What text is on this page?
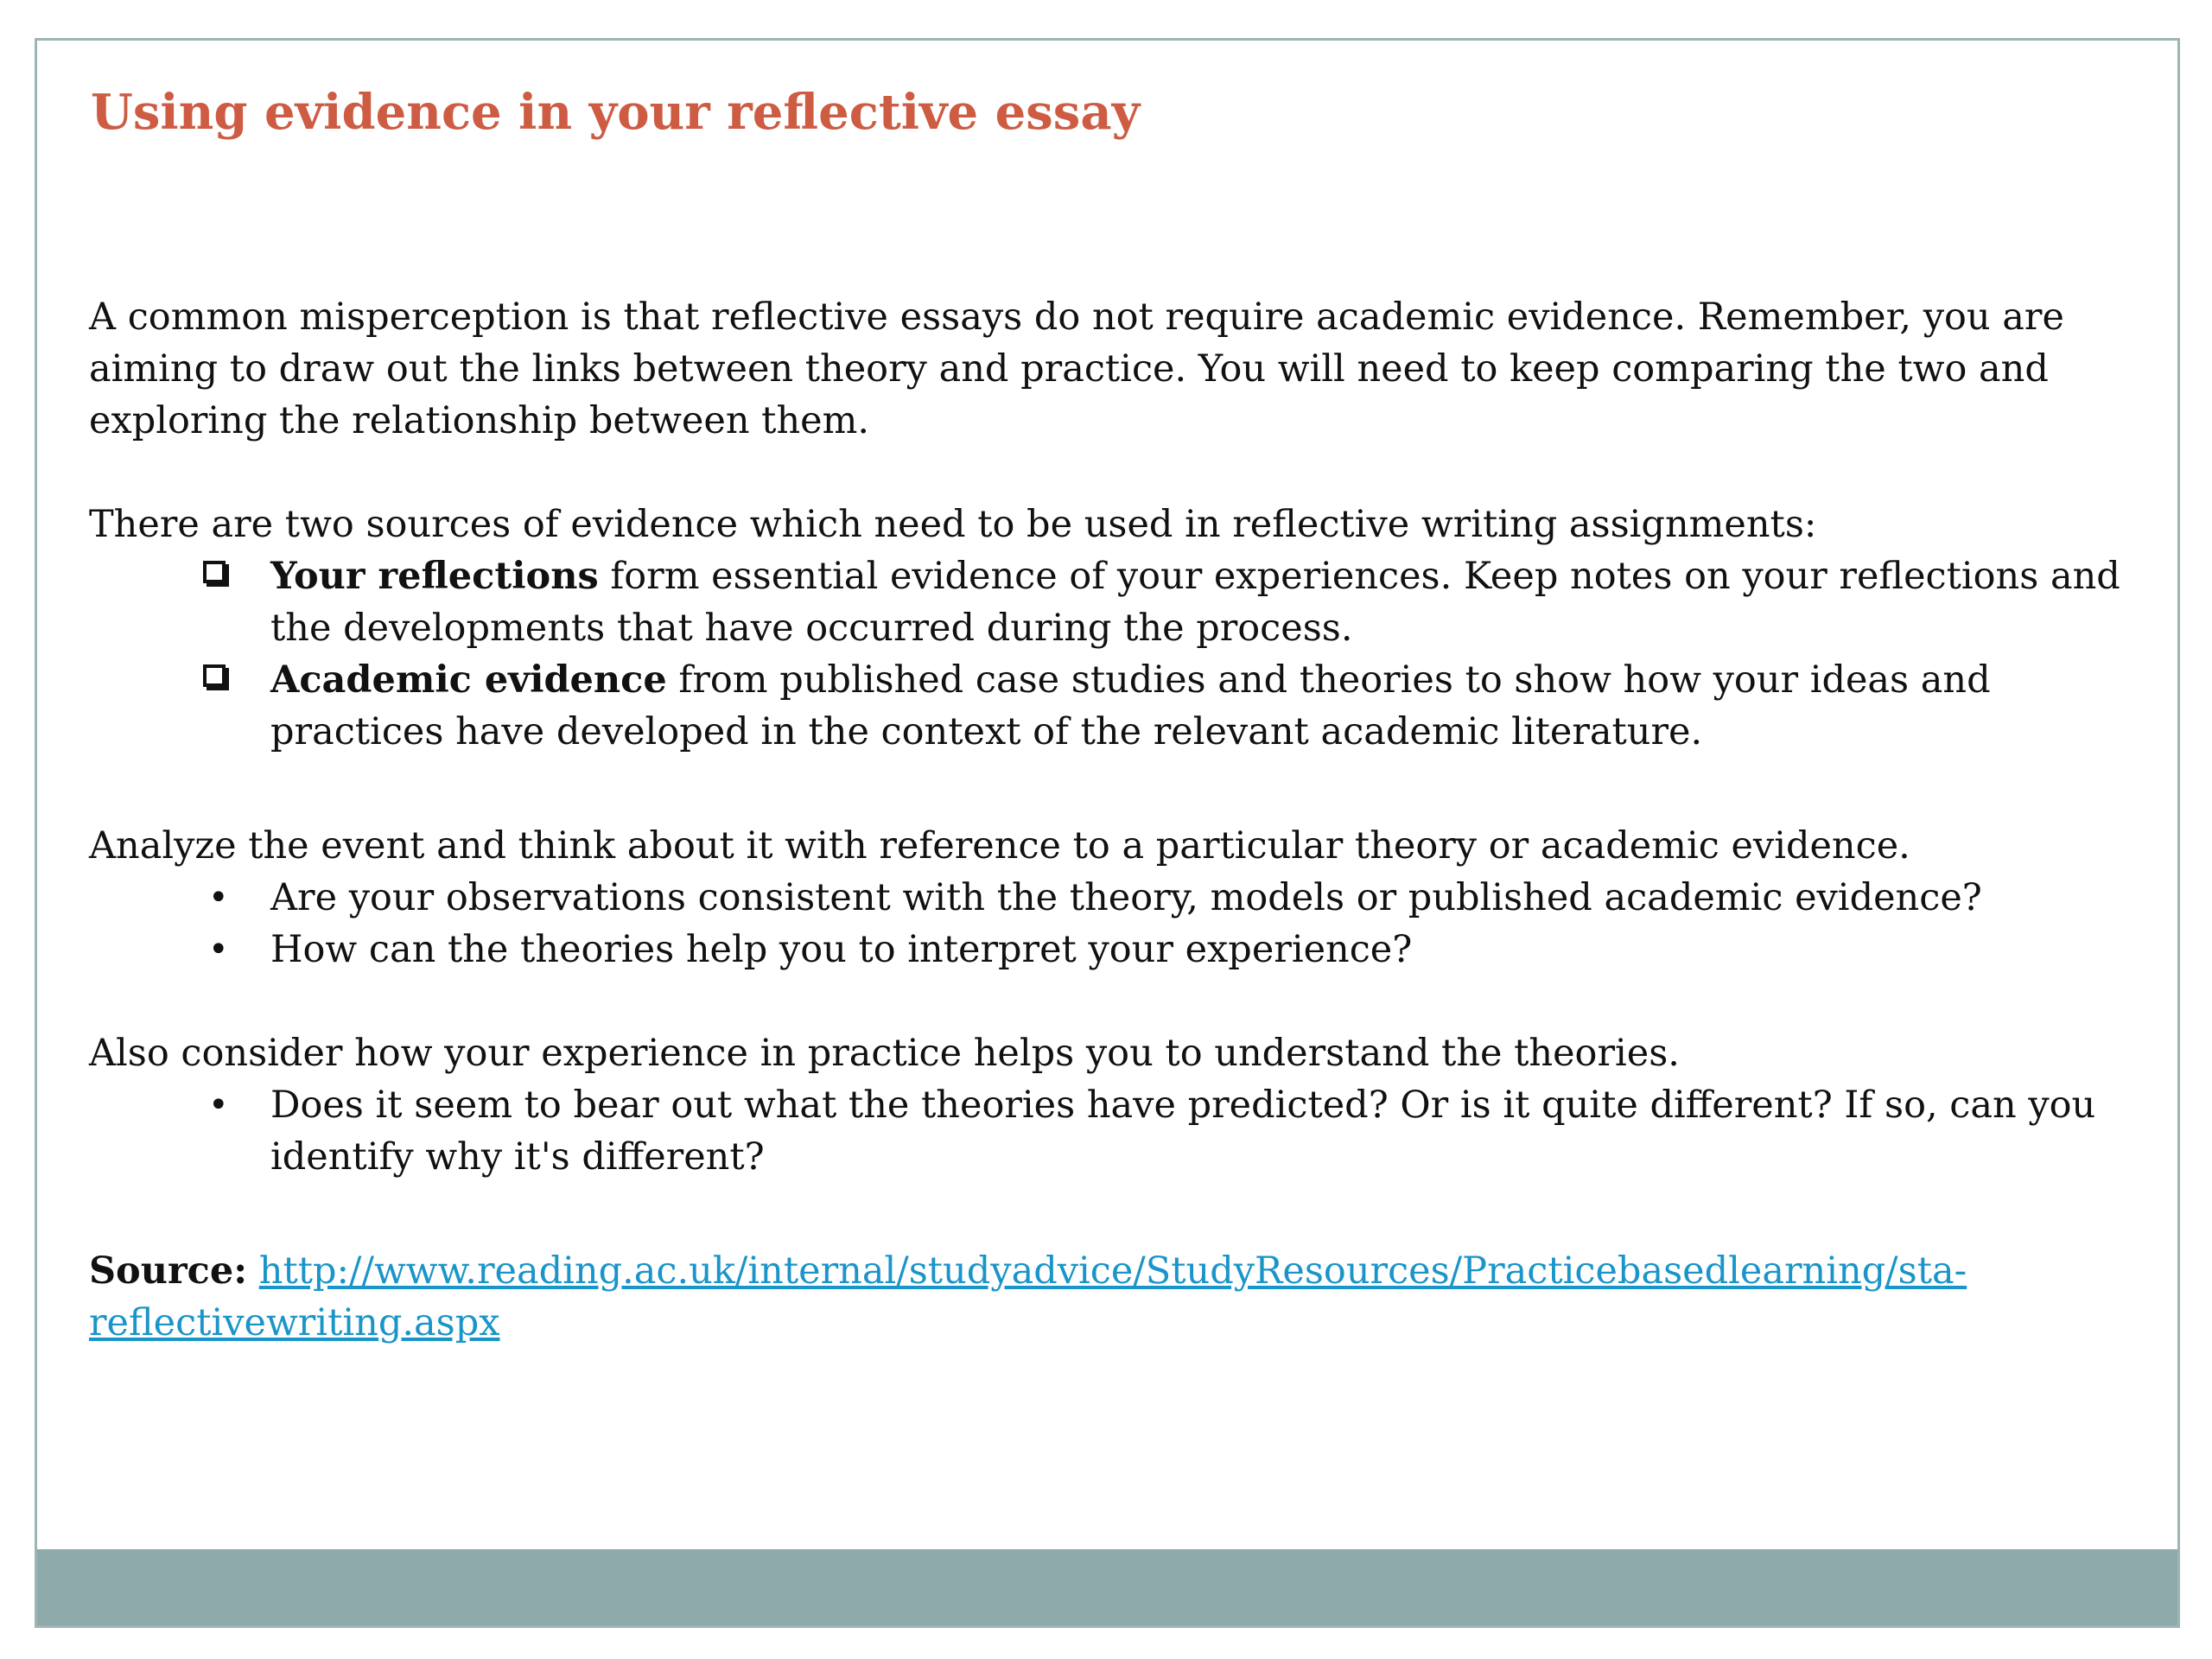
Using evidence in your reflective essay

A common misperception is that reflective essays do not require academic evidence. Remember, you are aiming to draw out the links between theory and practice. You will need to keep comparing the two and exploring the relationship between them.

There are two sources of evidence which need to be used in reflective writing assignments:

Your reflections form essential evidence of your experiences. Keep notes on your reflections and the developments that have occurred during the process.
Academic evidence from published case studies and theories to show how your ideas and practices have developed in the context of the relevant academic literature.

Analyze the event and think about it with reference to a particular theory or academic evidence.

• Are your observations consistent with the theory, models or published academic evidence?
• How can the theories help you to interpret your experience?

Also consider how your experience in practice helps you to understand the theories.

• Does it seem to bear out what the theories have predicted? Or is it quite different? If so, can you identify why it's different?

Source: http://www.reading.ac.uk/internal/studyadvice/StudyResources/Practicebasedlearning/sta-reflectivewriting.aspx
